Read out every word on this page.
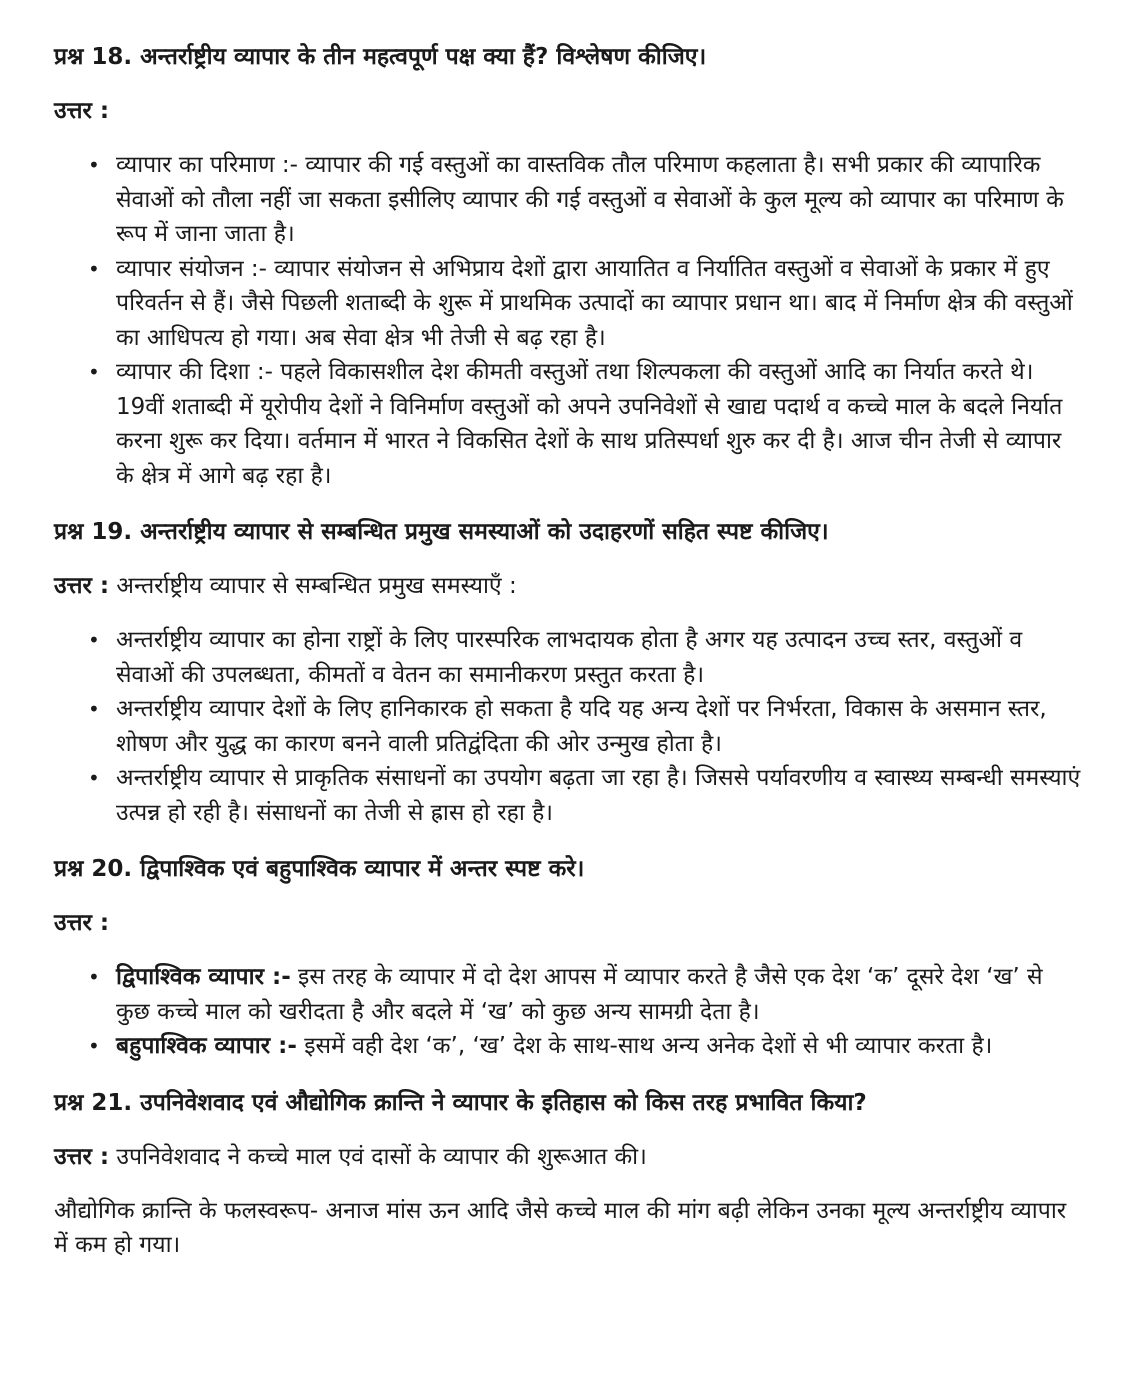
प्रश्न 18. अन्तर्राष्ट्रीय व्यापार के तीन महत्वपूर्ण पक्ष क्या हैं? विश्लेषण कीजिए।
उत्तर :
• व्यापार का परिमाण :- व्यापार की गई वस्तुओं का वास्तविक तौल परिमाण कहलाता है। सभी प्रकार की व्यापारिक सेवाओं को तौला नहीं जा सकता इसीलिए व्यापार की गई वस्तुओं व सेवाओं के कुल मूल्य को व्यापार का परिमाण के रूप में जाना जाता है।
• व्यापार संयोजन :- व्यापार संयोजन से अभिप्राय देशों द्वारा आयातित व निर्यातित वस्तुओं व सेवाओं के प्रकार में हुए परिवर्तन से हैं। जैसे पिछली शताब्दी के शुरू में प्राथमिक उत्पादों का व्यापार प्रधान था। बाद में निर्माण क्षेत्र की वस्तुओं का आधिपत्य हो गया। अब सेवा क्षेत्र भी तेजी से बढ़ रहा है।
• व्यापार की दिशा :- पहले विकासशील देश कीमती वस्तुओं तथा शिल्पकला की वस्तुओं आदि का निर्यात करते थे। 19वीं शताब्दी में यूरोपीय देशों ने विनिर्माण वस्तुओं को अपने उपनिवेशों से खाद्य पदार्थ व कच्चे माल के बदले निर्यात करना शुरू कर दिया। वर्तमान में भारत ने विकसित देशों के साथ प्रतिस्पर्धा शुरु कर दी है। आज चीन तेजी से व्यापार के क्षेत्र में आगे बढ़ रहा है।
प्रश्न 19. अन्तर्राष्ट्रीय व्यापार से सम्बन्धित प्रमुख समस्याओं को उदाहरणों सहित स्पष्ट कीजिए।
उत्तर : अन्तर्राष्ट्रीय व्यापार से सम्बन्धित प्रमुख समस्याएँ :
• अन्तर्राष्ट्रीय व्यापार का होना राष्ट्रों के लिए पारस्परिक लाभदायक होता है अगर यह उत्पादन उच्च स्तर, वस्तुओं व सेवाओं की उपलब्धता, कीमतों व वेतन का समानीकरण प्रस्तुत करता है।
• अन्तर्राष्ट्रीय व्यापार देशों के लिए हानिकारक हो सकता है यदि यह अन्य देशों पर निर्भरता, विकास के असमान स्तर, शोषण और युद्ध का कारण बनने वाली प्रतिद्वंदिता की ओर उन्मुख होता है।
• अन्तर्राष्ट्रीय व्यापार से प्राकृतिक संसाधनों का उपयोग बढ़ता जा रहा है। जिससे पर्यावरणीय व स्वास्थ्य सम्बन्धी समस्याएं उत्पन्न हो रही है। संसाधनों का तेजी से ह्रास हो रहा है।
प्रश्न 20. द्विपाश्विक एवं बहुपाश्विक व्यापार में अन्तर स्पष्ट करे।
उत्तर :
• द्विपाश्विक व्यापार :- इस तरह के व्यापार में दो देश आपस में व्यापार करते है जैसे एक देश ‘क’ दूसरे देश ‘ख’ से कुछ कच्चे माल को खरीदता है और बदले में ‘ख’ को कुछ अन्य सामग्री देता है।
• बहुपाश्विक व्यापार :- इसमें वही देश ‘क’, ‘ख’ देश के साथ-साथ अन्य अनेक देशों से भी व्यापार करता है।
प्रश्न 21. उपनिवेशवाद एवं औद्योगिक क्रान्ति ने व्यापार के इतिहास को किस तरह प्रभावित किया?
उत्तर : उपनिवेशवाद ने कच्चे माल एवं दासों के व्यापार की शुरूआत की।
औद्योगिक क्रान्ति के फलस्वरूप- अनाज मांस ऊन आदि जैसे कच्चे माल की मांग बढ़ी लेकिन उनका मूल्य अन्तर्राष्ट्रीय व्यापार में कम हो गया।
